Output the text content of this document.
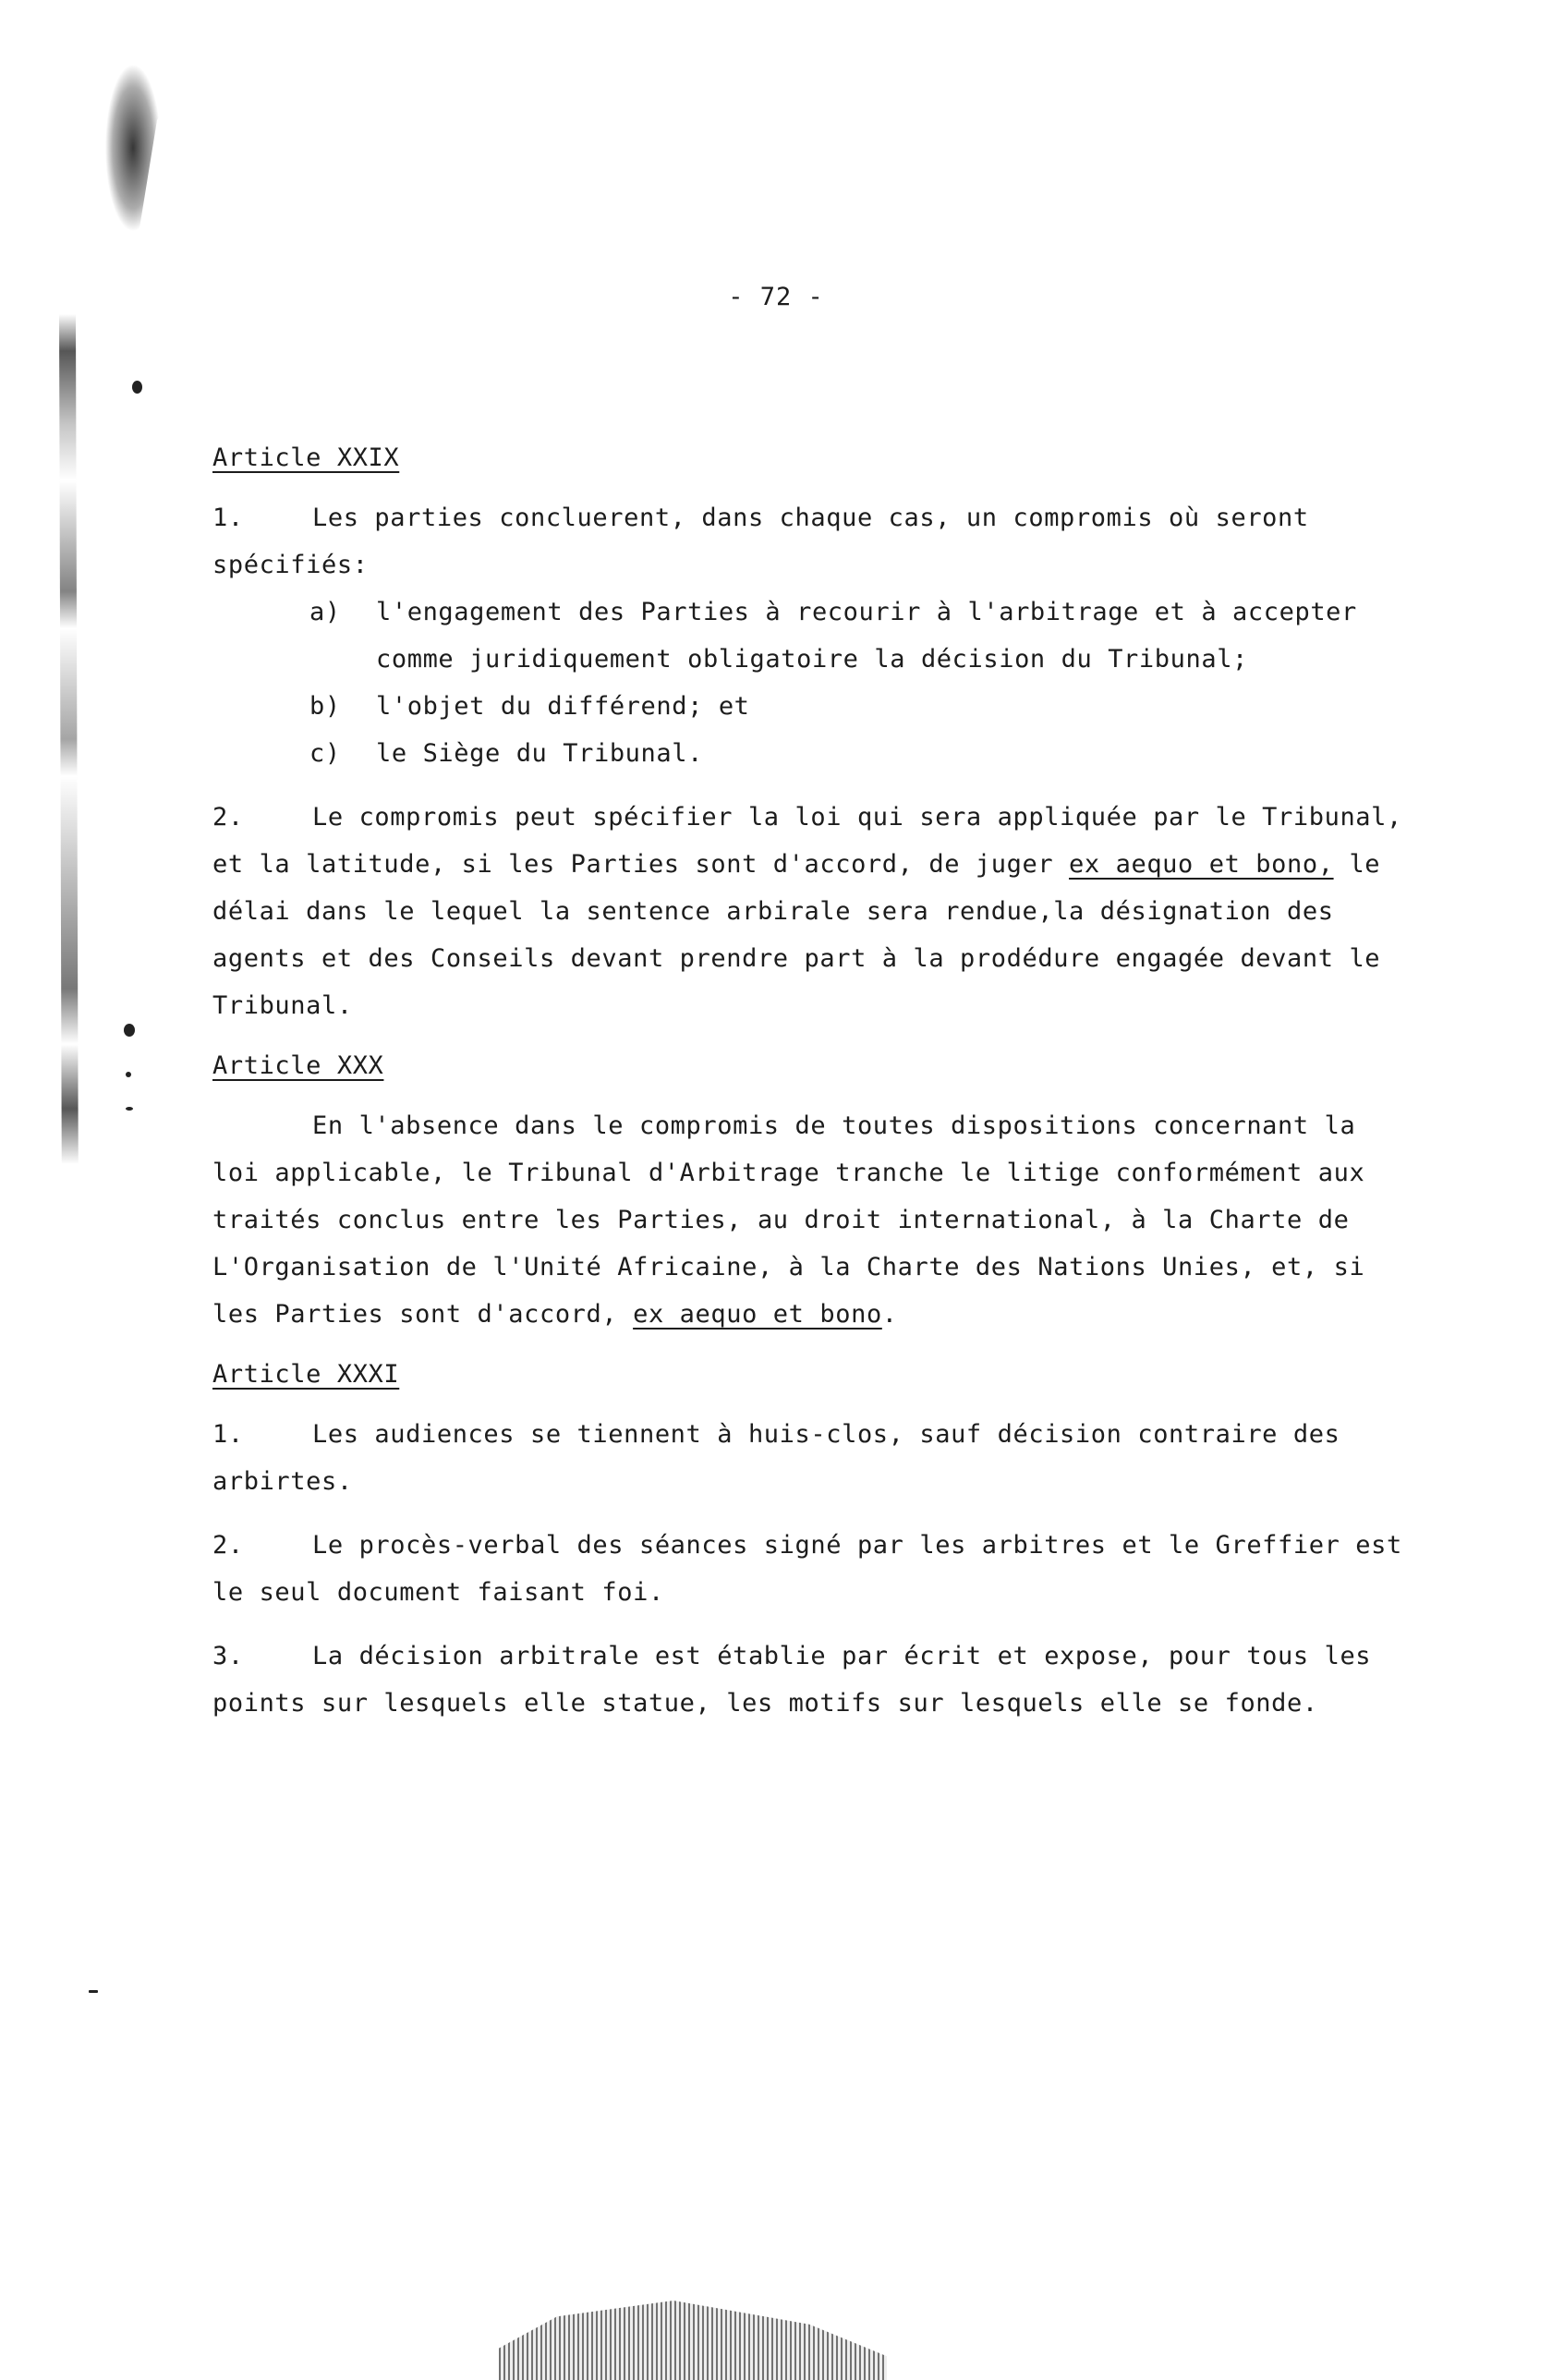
- 72 -

Article XXIX

1.	Les parties concluerent, dans chaque cas, un compromis où seront spécifiés:

a) l'engagement des Parties à recourir à l'arbitrage et à accepter comme juridiquement obligatoire la décision du Tribunal;

b) l'objet du différend; et

c) le Siège du Tribunal.

2.	Le compromis peut spécifier la loi qui sera appliquée par le Tribunal, et la latitude, si les Parties sont d'accord, de juger ex aequo et bono, le délai dans le lequel la sentence arbirale sera rendue,la désignation des agents et des Conseils devant prendre part à la prodédure engagée devant le Tribunal.

Article XXX

En l'absence dans le compromis de toutes dispositions concernant la loi applicable, le Tribunal d'Arbitrage tranche le litige conformément aux traités conclus entre les Parties, au droit international, à la Charte de L'Organisation de l'Unité Africaine, à la Charte des Nations Unies, et, si les Parties sont d'accord, ex aequo et bono.

Article XXXI

1.	Les audiences se tiennent à huis-clos, sauf décision contraire des arbirtes.

2.	Le procès-verbal des séances signé par les arbitres et le Greffier est le seul document faisant foi.

3.	La décision arbitrale est établie par écrit et expose, pour tous les points sur lesquels elle statue, les motifs sur lesquels elle se fonde.
